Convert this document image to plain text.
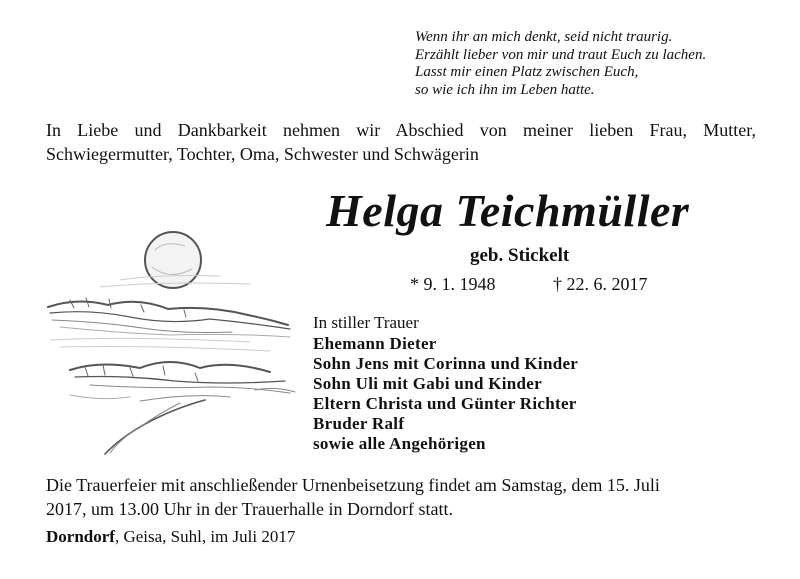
Wenn ihr an mich denkt, seid nicht traurig.
Erzählt lieber von mir und traut Euch zu lachen.
Lasst mir einen Platz zwischen Euch,
so wie ich ihn im Leben hatte.
In Liebe und Dankbarkeit nehmen wir Abschied von meiner lieben Frau, Mutter, Schwiegermutter, Tochter, Oma, Schwester und Schwägerin
Helga Teichmüller
geb. Stickelt
* 9. 1. 1948	† 22. 6. 2017
In stiller Trauer
Ehemann Dieter
Sohn Jens mit Corinna und Kinder
Sohn Uli mit Gabi und Kinder
Eltern Christa und Günter Richter
Bruder Ralf
sowie alle Angehörigen
Die Trauerfeier mit anschließender Urnenbeisetzung findet am Samstag, dem 15. Juli 2017, um 13.00 Uhr in der Trauerhalle in Dorndorf statt.
Dorndorf, Geisa, Suhl, im Juli 2017
